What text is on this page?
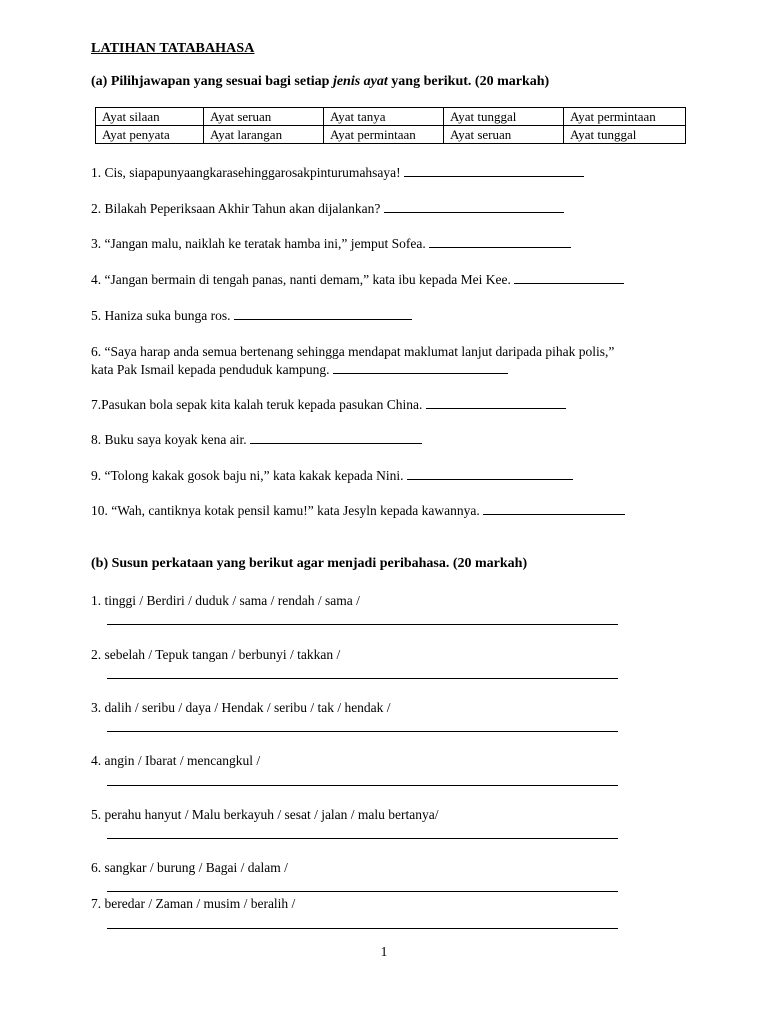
LATIHAN TATABAHASA
(a) Pilihjawapan yang sesuai bagi setiap jenis ayat yang berikut. (20 markah)
Ayat silaan	Ayat seruan	Ayat tanya	Ayat tunggal	Ayat permintaan
Ayat penyata	Ayat larangan	Ayat permintaan	Ayat seruan	Ayat tunggal
1. Cis, siapapunyaangkarasehinggarosakpinturumahsaya!
2. Bilakah Peperiksaan Akhir Tahun akan dijalankan?
3. “Jangan malu, naiklah ke teratak hamba ini,” jemput Sofea.
4. “Jangan bermain di tengah panas, nanti demam,” kata ibu kepada Mei Kee.
5. Haniza suka bunga ros.
6. “Saya harap anda semua bertenang sehingga mendapat maklumat lanjut daripada pihak polis,”
kata Pak Ismail kepada penduduk kampung.
7.Pasukan bola sepak kita kalah teruk kepada pasukan China.
8. Buku saya koyak kena air.
9. “Tolong kakak gosok baju ni,” kata kakak kepada Nini.
10. “Wah, cantiknya kotak pensil kamu!” kata Jesyln kepada kawannya.
(b) Susun perkataan yang berikut agar menjadi peribahasa. (20 markah)
1. tinggi / Berdiri / duduk / sama / rendah / sama /
2. sebelah / Tepuk tangan / berbunyi / takkan /
3. dalih / seribu / daya / Hendak / seribu / tak / hendak /
4. angin / Ibarat / mencangkul /
5. perahu hanyut / Malu berkayuh / sesat / jalan / malu bertanya/
6. sangkar / burung / Bagai / dalam /
7. beredar / Zaman / musim / beralih /
1
